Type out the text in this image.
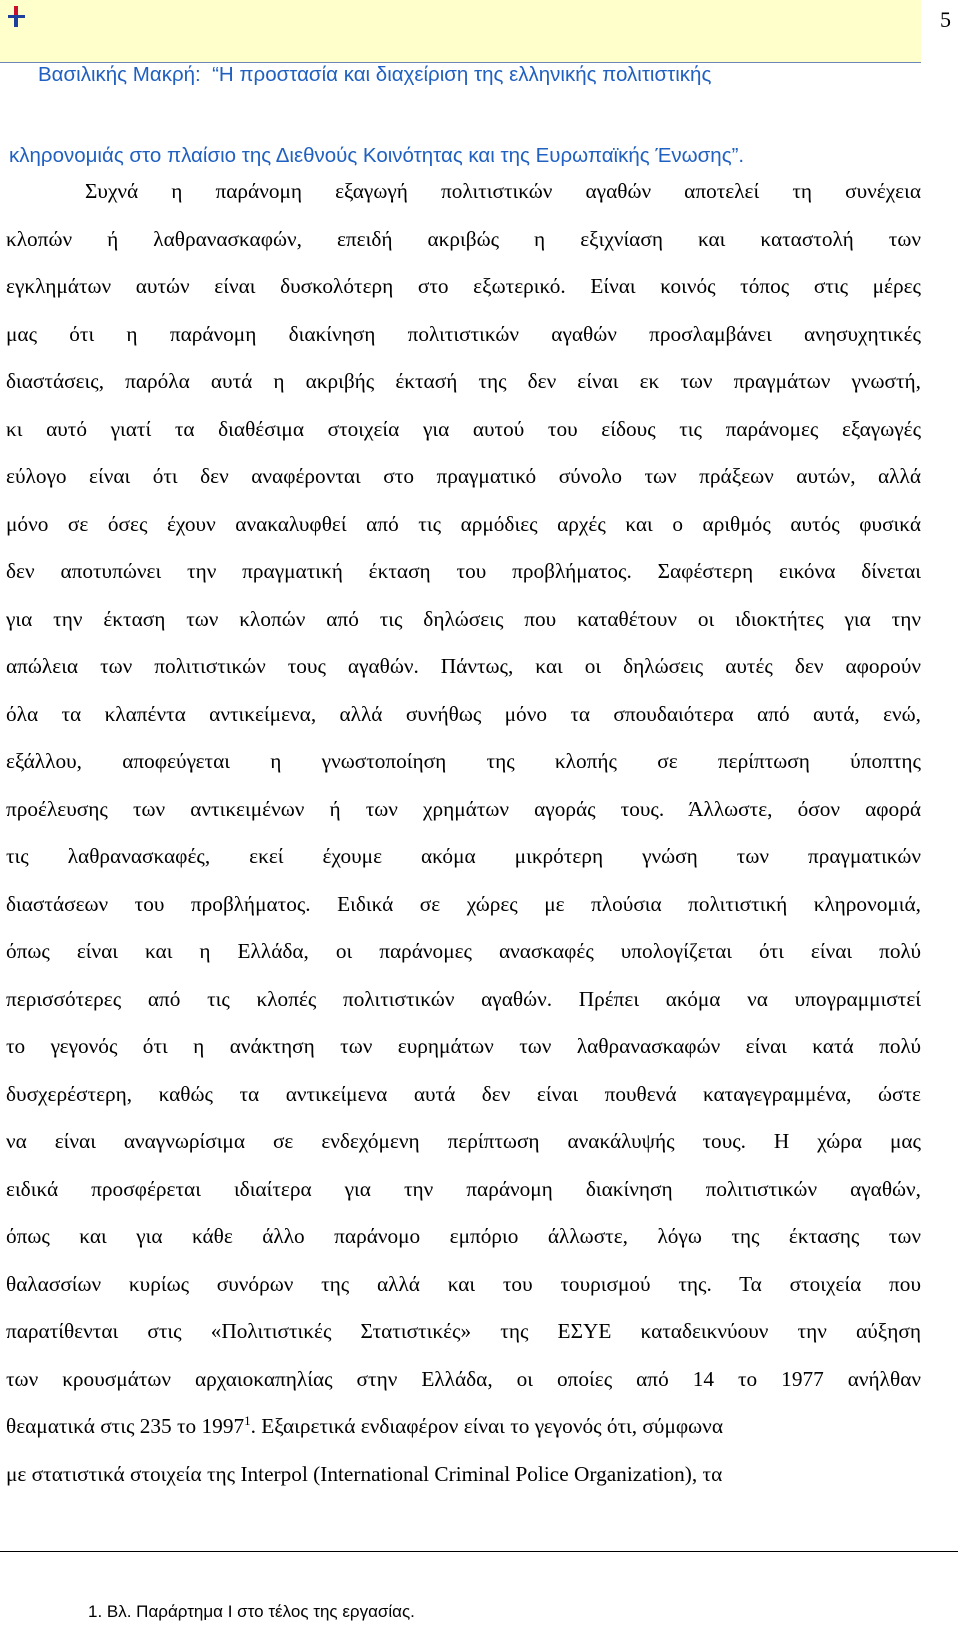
Βασιλικής Μακρή:  “Η προστασία και διαχείριση της ελληνικής πολιτιστικής

κληρονομιάς στο πλαίσιο της Διεθνούς Κοινότητας και της Ευρωπαϊκής Ένωσης”.

5
Συχνά η παράνομη εξαγωγή πολιτιστικών αγαθών αποτελεί τη συνέχεια
κλοπών ή λαθρανασκαφών, επειδή ακριβώς η εξιχνίαση και καταστολή των
εγκλημάτων αυτών είναι δυσκολότερη στο εξωτερικό. Είναι κοινός τόπος στις μέρες
μας ότι η παράνομη διακίνηση πολιτιστικών αγαθών προσλαμβάνει ανησυχητικές
διαστάσεις, παρόλα αυτά η ακριβής έκτασή της δεν είναι εκ των πραγμάτων γνωστή,
κι αυτό γιατί τα διαθέσιμα στοιχεία για αυτού του είδους τις παράνομες εξαγωγές
εύλογο είναι ότι δεν αναφέρονται στο πραγματικό σύνολο των πράξεων αυτών, αλλά
μόνο σε όσες έχουν ανακαλυφθεί από τις αρμόδιες αρχές και ο αριθμός αυτός φυσικά
δεν αποτυπώνει την πραγματική έκταση του προβλήματος. Σαφέστερη εικόνα δίνεται
για την έκταση των κλοπών από τις δηλώσεις που καταθέτουν οι ιδιοκτήτες για την
απώλεια των πολιτιστικών τους αγαθών. Πάντως, και οι δηλώσεις αυτές δεν αφορούν
όλα τα κλαπέντα αντικείμενα, αλλά συνήθως μόνο τα σπουδαιότερα από αυτά, ενώ,
εξάλλου, αποφεύγεται η γνωστοποίηση της κλοπής σε περίπτωση ύποπτης
προέλευσης των αντικειμένων ή των χρημάτων αγοράς τους. Άλλωστε, όσον αφορά
τις λαθρανασκαφές, εκεί έχουμε ακόμα μικρότερη γνώση των πραγματικών
διαστάσεων του προβλήματος. Ειδικά σε χώρες με πλούσια πολιτιστική κληρονομιά,
όπως είναι και η Ελλάδα, οι παράνομες ανασκαφές υπολογίζεται ότι είναι πολύ
περισσότερες από τις κλοπές πολιτιστικών αγαθών. Πρέπει ακόμα να υπογραμμιστεί
το γεγονός ότι η ανάκτηση των ευρημάτων των λαθρανασκαφών είναι κατά πολύ
δυσχερέστερη, καθώς τα αντικείμενα αυτά δεν είναι πουθενά καταγεγραμμένα, ώστε
να είναι αναγνωρίσιμα σε ενδεχόμενη περίπτωση ανακάλυψής τους. Η χώρα μας
ειδικά προσφέρεται ιδιαίτερα για την παράνομη διακίνηση πολιτιστικών αγαθών,
όπως και για κάθε άλλο παράνομο εμπόριο άλλωστε, λόγω της έκτασης των
θαλασσίων κυρίως συνόρων της αλλά και του τουρισμού της. Τα στοιχεία που
παρατίθενται στις «Πολιτιστικές Στατιστικές» της ΕΣΥΕ καταδεικνύουν την αύξηση
των κρουσμάτων αρχαιοκαπηλίας στην Ελλάδα, οι οποίες από 14 το 1977 ανήλθαν
θεαματικά στις 235 το 1997$^1$. Εξαιρετικά ενδιαφέρον είναι το γεγονός ότι, σύμφωνα
με στατιστικά στοιχεία της Interpol (International Criminal Police Organization), τα
1. Βλ. Παράρτημα Ι στο τέλος της εργασίας.
